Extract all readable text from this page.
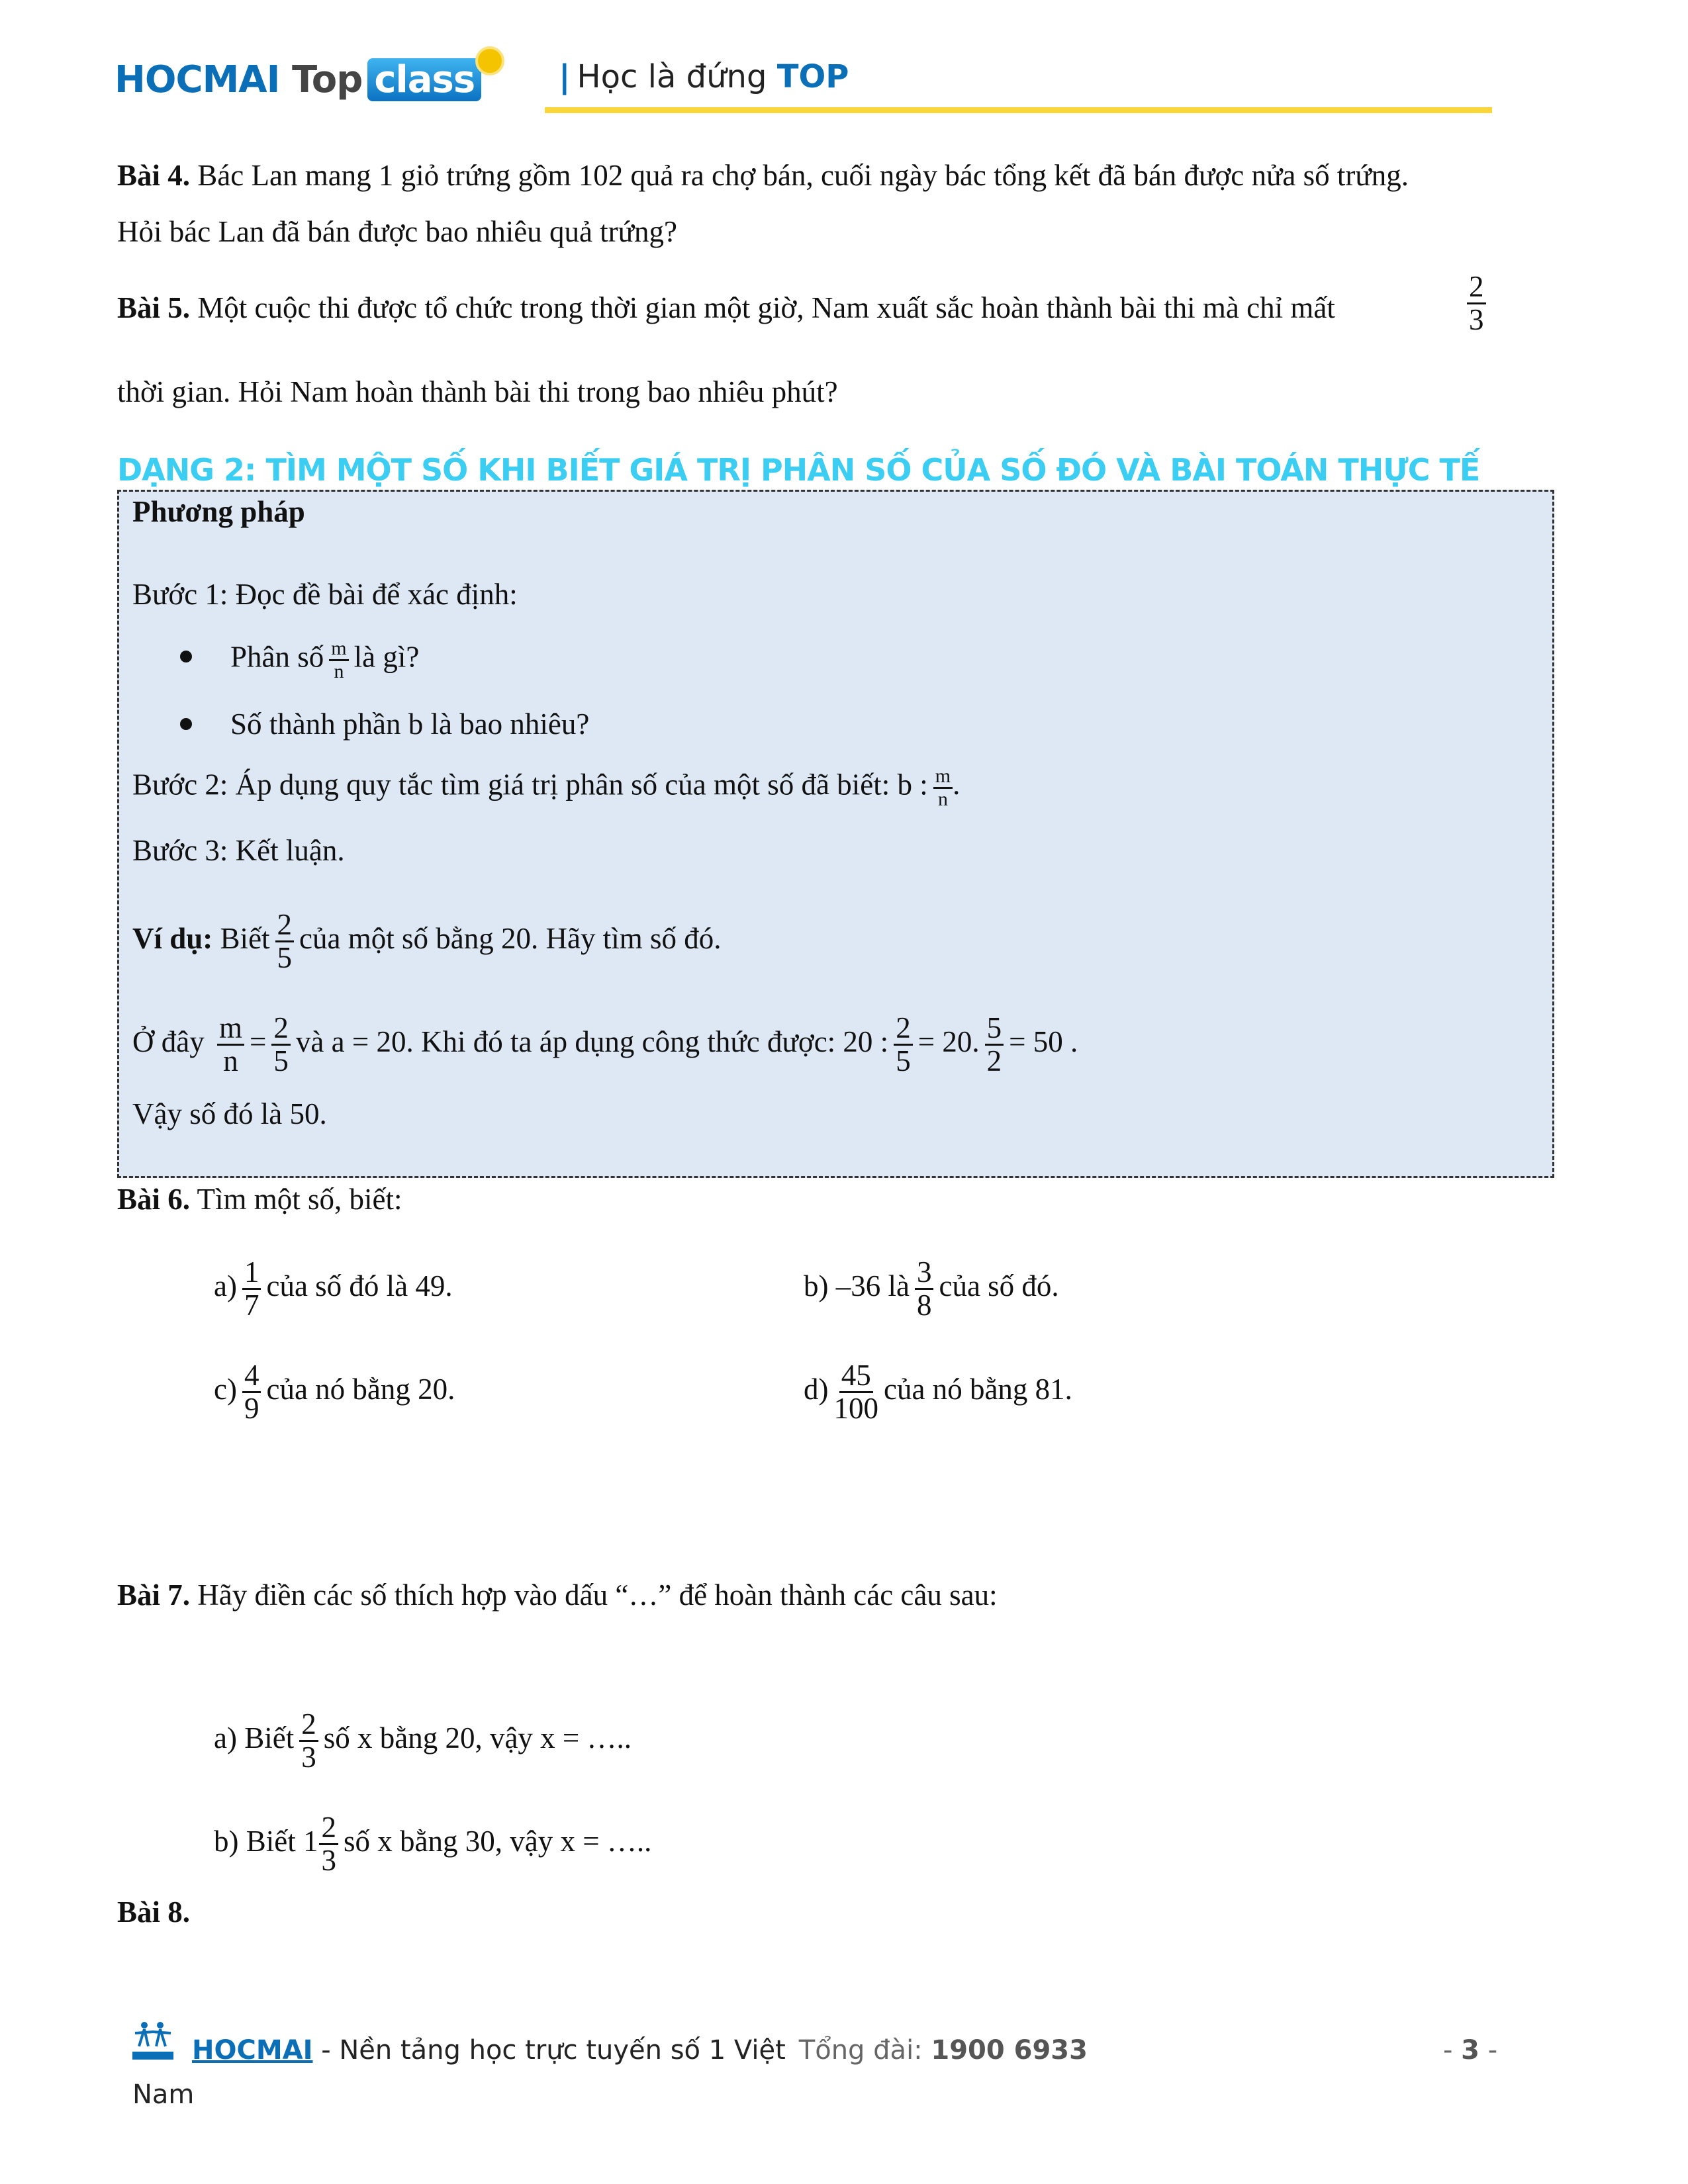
HOCMAI Top class	| Học là đứng TOP
Bài 4. Bác Lan mang 1 giỏ trứng gồm 102 quả ra chợ bán, cuối ngày bác tổng kết đã bán được nửa số trứng.
Hỏi bác Lan đã bán được bao nhiêu quả trứng?
Bài 5. Một cuộc thi được tổ chức trong thời gian một giờ, Nam xuất sắc hoàn thành bài thi mà chỉ mất	$\frac{2}{3}$
thời gian. Hỏi Nam hoàn thành bài thi trong bao nhiêu phút?
DẠNG 2: TÌM MỘT SỐ KHI BIẾT GIÁ TRỊ PHÂN SỐ CỦA SỐ ĐÓ VÀ BÀI TOÁN THỰC TẾ
Phương pháp
Bước 1: Đọc đề bài để xác định:
Phân số $\frac{m}{n}$ là gì?
Số thành phần b là bao nhiêu?
Bước 2: Áp dụng quy tắc tìm giá trị phân số của một số đã biết: b : $\frac{m}{n}$ .
Bước 3: Kết luận.
Ví dụ: Biết $\frac{2}{5}$ của một số bằng 20. Hãy tìm số đó.
Ở đây $\frac{m}{n} = \frac{2}{5}$ và a = 20. Khi đó ta áp dụng công thức được: 20 : $\frac{2}{5} = 20$. $\frac{5}{2} = 50$ .
Vậy số đó là 50.
Bài 6. Tìm một số, biết:
$a) \frac{1}{7}$ của số đó là 49.	b) –36 là $\frac{3}{8}$ của số đó.
$c) \frac{4}{9}$ của nó bằng 20.	$d) \frac{45}{100}$ của nó bằng 81.
Bài 7. Hãy điền các số thích hợp vào dấu “…” để hoàn thành các câu sau:
a) Biết $\frac{2}{3}$ số x bằng 20, vậy x = …..
b) Biết $1 \frac{2}{3}$ số x bằng 30, vậy x = …..
Bài 8.
HOCMAI - Nền tảng học trực tuyến số 1 Việt Tổng đài: 1900 6933	- 3 -
Nam
